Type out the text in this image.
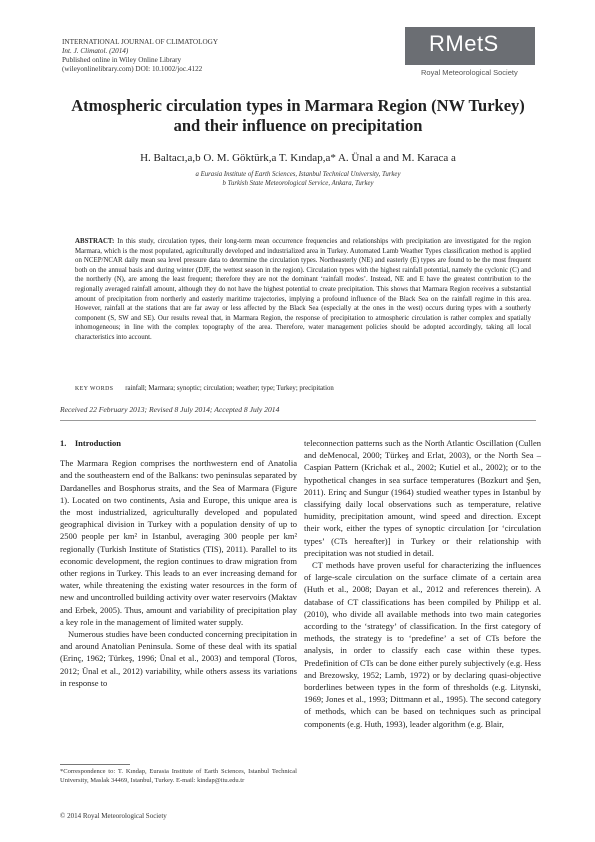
INTERNATIONAL JOURNAL OF CLIMATOLOGY
Int. J. Climatol. (2014)
Published online in Wiley Online Library
(wileyonlinelibrary.com) DOI: 10.1002/joc.4122
RMetS
Royal Meteorological Society
Atmospheric circulation types in Marmara Region (NW Turkey) and their influence on precipitation
H. Baltacı,a,b O. M. Göktürk,a T. Kındap,a* A. Ünal a and M. Karaca a
a Eurasia Institute of Earth Sciences, Istanbul Technical University, Turkey
b Turkish State Meteorological Service, Ankara, Turkey
ABSTRACT: In this study, circulation types, their long-term mean occurrence frequencies and relationships with precipitation are investigated for the region Marmara, which is the most populated, agriculturally developed and industrialized area in Turkey. Automated Lamb Weather Types classification method is applied on NCEP/NCAR daily mean sea level pressure data to determine the circulation types. Northeasterly (NE) and easterly (E) types are found to be the most frequent both on the annual basis and during winter (DJF, the wettest season in the region). Circulation types with the highest rainfall potential, namely the cyclonic (C) and the northerly (N), are among the least frequent; therefore they are not the dominant ‘rainfall modes’. Instead, NE and E have the greatest contribution to the regionally averaged rainfall amount, although they do not have the highest potential to create precipitation. This shows that Marmara Region receives a substantial amount of precipitation from northerly and easterly maritime trajectories, implying a profound influence of the Black Sea on the rainfall regime in this area. However, rainfall at the stations that are far away or less affected by the Black Sea (especially at the ones in the west) occurs during types with a southerly component (S, SW and SE). Our results reveal that, in Marmara Region, the response of precipitation to atmospheric circulation is rather complex and spatially inhomogeneous; in line with the complex topography of the area. Therefore, water management policies should be adopted accordingly, taking all local characteristics into account.
KEY WORDS rainfall; Marmara; synoptic; circulation; weather; type; Turkey; precipitation
Received 22 February 2013; Revised 8 July 2014; Accepted 8 July 2014
1. Introduction

The Marmara Region comprises the northwestern end of Anatolia and the southeastern end of the Balkans: two peninsulas separated by Dardanelles and Bosphorus straits, and the Sea of Marmara (Figure 1). Located on two continents, Asia and Europe, this unique area is the most industrialized, agriculturally developed and populated geographical division in Turkey with a population density of up to 2500 people per km² in Istanbul, averaging 300 people per km² regionally (Turkish Institute of Statistics (TIS), 2011). Parallel to its economic development, the region continues to draw migration from other regions in Turkey. This leads to an ever increasing demand for water, while threatening the existing water resources in the form of new and uncontrolled building activity over water reservoirs (Maktav and Erbek, 2005). Thus, amount and variability of precipitation play a key role in the management of limited water supply.

Numerous studies have been conducted concerning precipitation in and around Anatolian Peninsula. Some of these deal with its spatial (Erinç, 1962; Türkeş, 1996; Ünal et al., 2003) and temporal (Toros, 2012; Ünal et al., 2012) variability, while others assess its variations in response to

teleconnection patterns such as the North Atlantic Oscillation (Cullen and deMenocal, 2000; Türkeş and Erlat, 2003), or the North Sea – Caspian Pattern (Krichak et al., 2002; Kutiel et al., 2002); or to the hypothetical changes in sea surface temperatures (Bozkurt and Şen, 2011). Erinç and Sungur (1964) studied weather types in Istanbul by classifying daily local observations such as temperature, relative humidity, precipitation amount, wind speed and direction. Except their work, either the types of synoptic circulation [or ‘circulation types’ (CTs hereafter)] in Turkey or their relationship with precipitation was not studied in detail.

CT methods have proven useful for characterizing the influences of large-scale circulation on the surface climate of a certain area (Huth et al., 2008; Dayan et al., 2012 and references therein). A database of CT classifications has been compiled by Philipp et al. (2010), who divide all available methods into two main categories according to the ‘strategy’ of classification. In the first category of methods, the strategy is to ‘predefine’ a set of CTs before the analysis, in order to classify each case within these types. Predefinition of CTs can be done either purely subjectively (e.g. Hess and Brezowsky, 1952; Lamb, 1972) or by declaring quasi-objective borderlines between types in the form of thresholds (e.g. Litynski, 1969; Jones et al., 1993; Dittmann et al., 1995). The second category of methods, which can be based on techniques such as principal components (e.g. Huth, 1993), leader algorithm (e.g. Blair,

*Correspondence to: T. Kındap, Eurasia Institute of Earth Sciences, Istanbul Technical University, Maslak 34469, Istanbul, Turkey. E-mail: kindap@itu.edu.tr
© 2014 Royal Meteorological Society
